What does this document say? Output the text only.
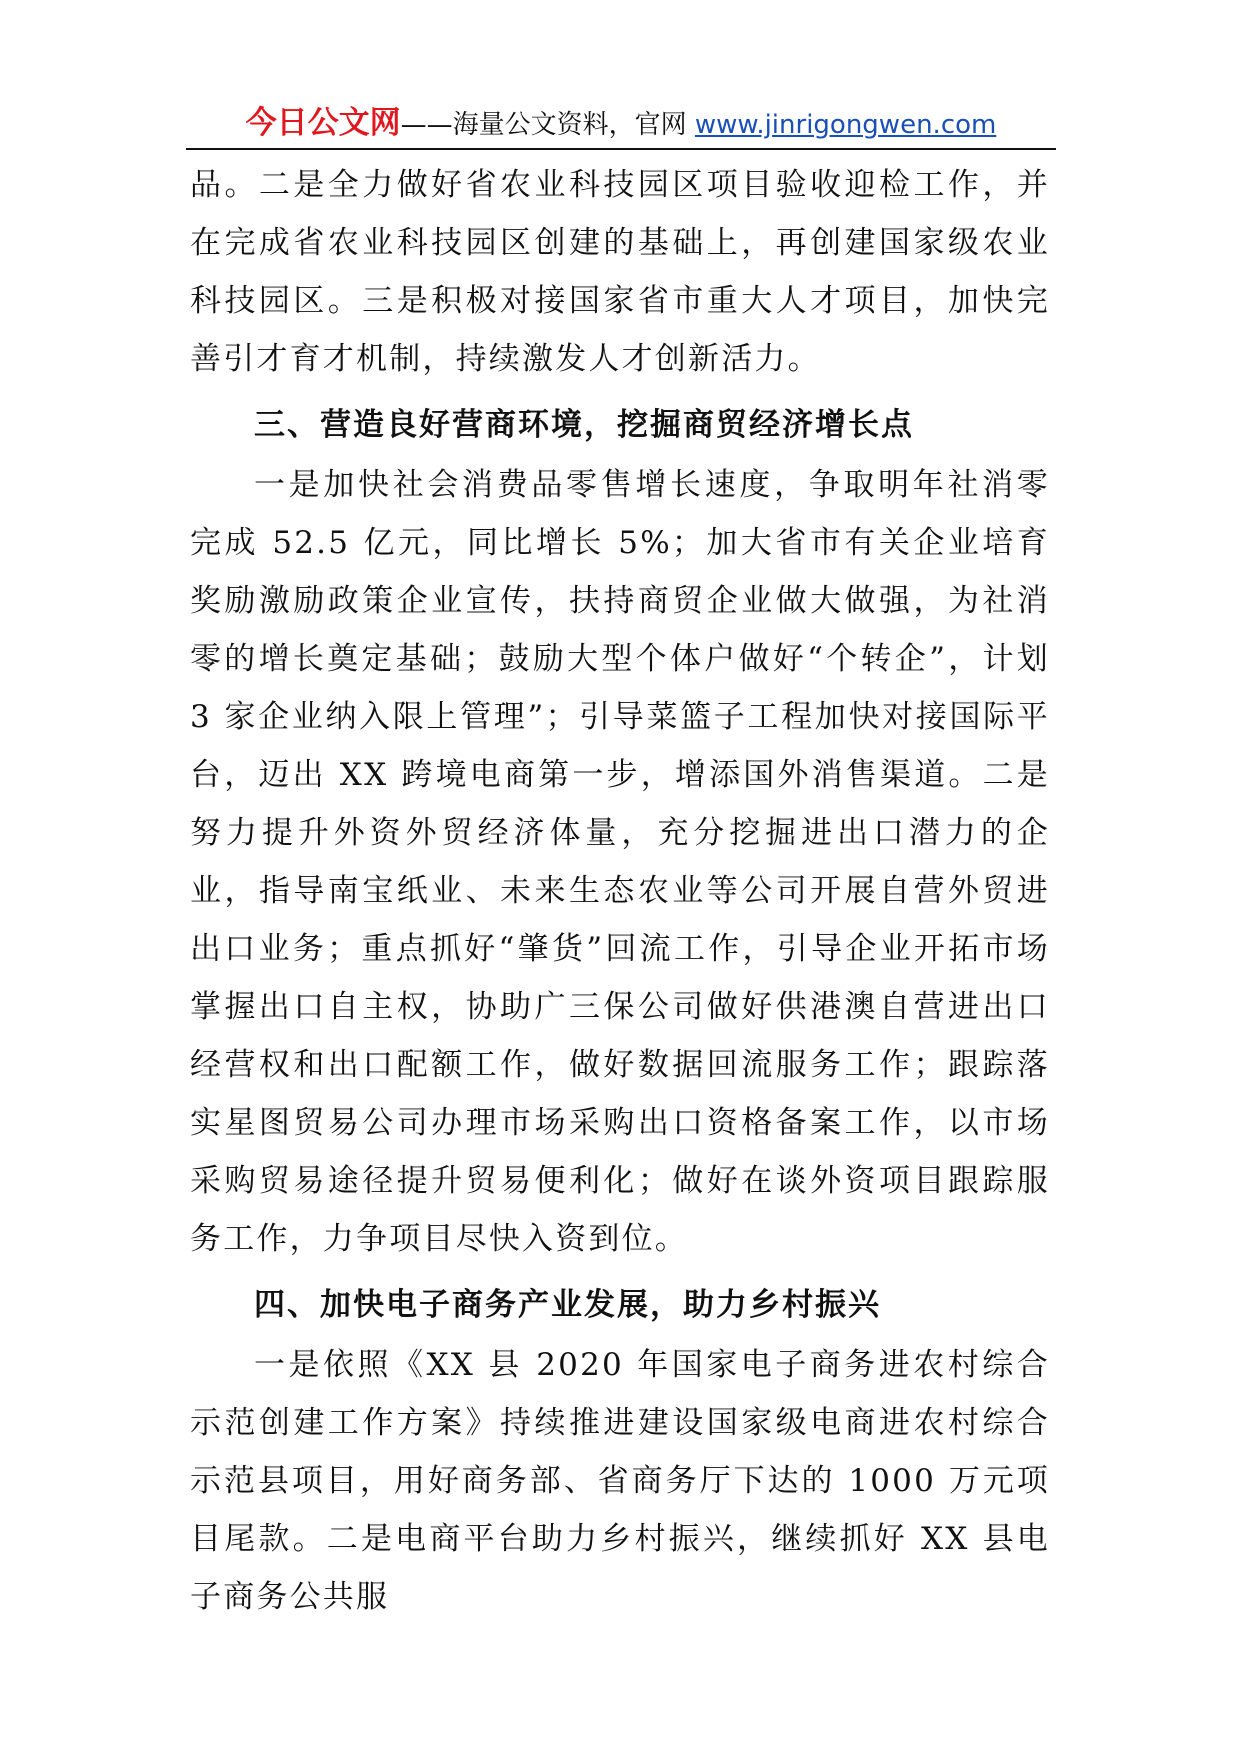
今日公文网——海量公文资料，官网 www.jinrigongwen.com

品。二是全力做好省农业科技园区项目验收迎检工作，并在完成省农业科技园区创建的基础上，再创建国家级农业科技园区。三是积极对接国家省市重大人才项目，加快完善引才育才机制，持续激发人才创新活力。

三、营造良好营商环境，挖掘商贸经济增长点

一是加快社会消费品零售增长速度，争取明年社消零完成 52.5 亿元，同比增长 5%；加大省市有关企业培育奖励激励政策企业宣传，扶持商贸企业做大做强，为社消零的增长奠定基础；鼓励大型个体户做好“个转企”，计划 3 家企业纳入限上管理”；引导菜篮子工程加快对接国际平台，迈出 XX 跨境电商第一步，增添国外消售渠道。二是努力提升外资外贸经济体量，充分挖掘进出口潜力的企业，指导南宝纸业、未来生态农业等公司开展自营外贸进出口业务；重点抓好“肇货”回流工作，引导企业开拓市场掌握出口自主权，协助广三保公司做好供港澳自营进出口经营权和出口配额工作，做好数据回流服务工作；跟踪落实星图贸易公司办理市场采购出口资格备案工作，以市场采购贸易途径提升贸易便利化；做好在谈外资项目跟踪服务工作，力争项目尽快入资到位。

四、加快电子商务产业发展，助力乡村振兴

一是依照《XX 县 2020 年国家电子商务进农村综合示范创建工作方案》持续推进建设国家级电商进农村综合示范县项目，用好商务部、省商务厅下达的 1000 万元项目尾款。二是电商平台助力乡村振兴，继续抓好 XX 县电子商务公共服
